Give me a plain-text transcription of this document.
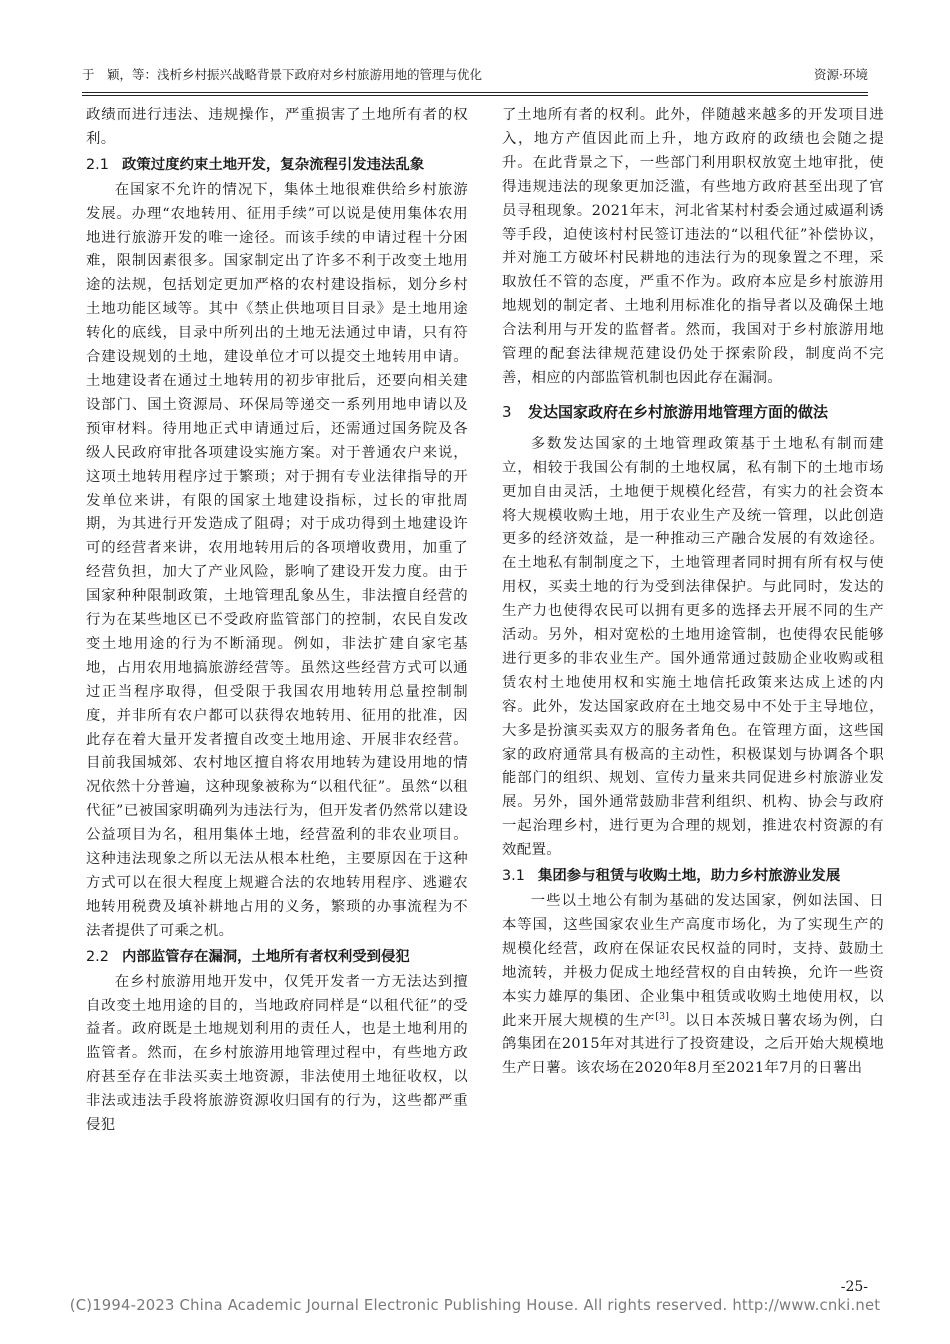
于　颖，等：浅析乡村振兴战略背景下政府对乡村旅游用地的管理与优化	资源·环境

政绩而进行违法、违规操作，严重损害了土地所有者的权利。

2.1 政策过度约束土地开发，复杂流程引发违法乱象

在国家不允许的情况下，集体土地很难供给乡村旅游发展。办理“农地转用、征用手续”可以说是使用集体农用地进行旅游开发的唯一途径。而该手续的申请过程十分困难，限制因素很多。国家制定出了许多不利于改变土地用途的法规，包括划定更加严格的农村建设指标，划分乡村土地功能区域等。其中《禁止供地项目目录》是土地用途转化的底线，目录中所列出的土地无法通过申请，只有符合建设规划的土地，建设单位才可以提交土地转用申请。土地建设者在通过土地转用的初步审批后，还要向相关建设部门、国土资源局、环保局等递交一系列用地申请以及预审材料。待用地正式申请通过后，还需通过国务院及各级人民政府审批各项建设实施方案。对于普通农户来说，这项土地转用程序过于繁琐；对于拥有专业法律指导的开发单位来讲，有限的国家土地建设指标，过长的审批周期，为其进行开发造成了阻碍；对于成功得到土地建设许可的经营者来讲，农用地转用后的各项增收费用，加重了经营负担，加大了产业风险，影响了建设开发力度。由于国家种种限制政策，土地管理乱象丛生，非法擅自经营的行为在某些地区已不受政府监管部门的控制，农民自发改变土地用途的行为不断涌现。例如，非法扩建自家宅基地，占用农用地搞旅游经营等。虽然这些经营方式可以通过正当程序取得，但受限于我国农用地转用总量控制制度，并非所有农户都可以获得农地转用、征用的批准，因此存在着大量开发者擅自改变土地用途、开展非农经营。目前我国城郊、农村地区擅自将农用地转为建设用地的情况依然十分普遍，这种现象被称为“以租代征”。虽然“以租代征”已被国家明确列为违法行为，但开发者仍然常以建设公益项目为名，租用集体土地，经营盈利的非农业项目。这种违法现象之所以无法从根本杜绝，主要原因在于这种方式可以在很大程度上规避合法的农地转用程序、逃避农地转用税费及填补耕地占用的义务，繁琐的办事流程为不法者提供了可乘之机。

2.2 内部监管存在漏洞，土地所有者权利受到侵犯

在乡村旅游用地开发中，仅凭开发者一方无法达到擅自改变土地用途的目的，当地政府同样是“以租代征”的受益者。政府既是土地规划利用的责任人，也是土地利用的监管者。然而，在乡村旅游用地管理过程中，有些地方政府甚至存在非法买卖土地资源，非法使用土地征收权，以非法或违法手段将旅游资源收归国有的行为，这些都严重侵犯

了土地所有者的权利。此外，伴随越来越多的开发项目进入，地方产值因此而上升，地方政府的政绩也会随之提升。在此背景之下，一些部门利用职权放宽土地审批，使得违规违法的现象更加泛滥，有些地方政府甚至出现了官员寻租现象。2021年末，河北省某村村委会通过威逼利诱等手段，迫使该村村民签订违法的“以租代征”补偿协议，并对施工方破坏村民耕地的违法行为的现象置之不理，采取放任不管的态度，严重不作为。政府本应是乡村旅游用地规划的制定者、土地利用标准化的指导者以及确保土地合法利用与开发的监督者。然而，我国对于乡村旅游用地管理的配套法律规范建设仍处于探索阶段，制度尚不完善，相应的内部监管机制也因此存在漏洞。

3	发达国家政府在乡村旅游用地管理方面的做法

多数发达国家的土地管理政策基于土地私有制而建立，相较于我国公有制的土地权属，私有制下的土地市场更加自由灵活，土地便于规模化经营，有实力的社会资本将大规模收购土地，用于农业生产及统一管理，以此创造更多的经济效益，是一种推动三产融合发展的有效途径。在土地私有制制度之下，土地管理者同时拥有所有权与使用权，买卖土地的行为受到法律保护。与此同时，发达的生产力也使得农民可以拥有更多的选择去开展不同的生产活动。另外，相对宽松的土地用途管制，也使得农民能够进行更多的非农业生产。国外通常通过鼓励企业收购或租赁农村土地使用权和实施土地信托政策来达成上述的内容。此外，发达国家政府在土地交易中不处于主导地位，大多是扮演买卖双方的服务者角色。在管理方面，这些国家的政府通常具有极高的主动性，积极谋划与协调各个职能部门的组织、规划、宣传力量来共同促进乡村旅游业发展。另外，国外通常鼓励非营利组织、机构、协会与政府一起治理乡村，进行更为合理的规划，推进农村资源的有效配置。

3.1 集团参与租赁与收购土地，助力乡村旅游业发展

一些以土地公有制为基础的发达国家，例如法国、日本等国，这些国家农业生产高度市场化，为了实现生产的规模化经营，政府在保证农民权益的同时，支持、鼓励土地流转，并极力促成土地经营权的自由转换，允许一些资本实力雄厚的集团、企业集中租赁或收购土地使用权，以此来开展大规模的生产[3]。以日本茨城日薯农场为例，白鸽集团在2015年对其进行了投资建设，之后开始大规模地生产日薯。该农场在2020年8月至2021年7月的日薯出

-25-
(C)1994-2023 China Academic Journal Electronic Publishing House. All rights reserved. http://www.cnki.net
